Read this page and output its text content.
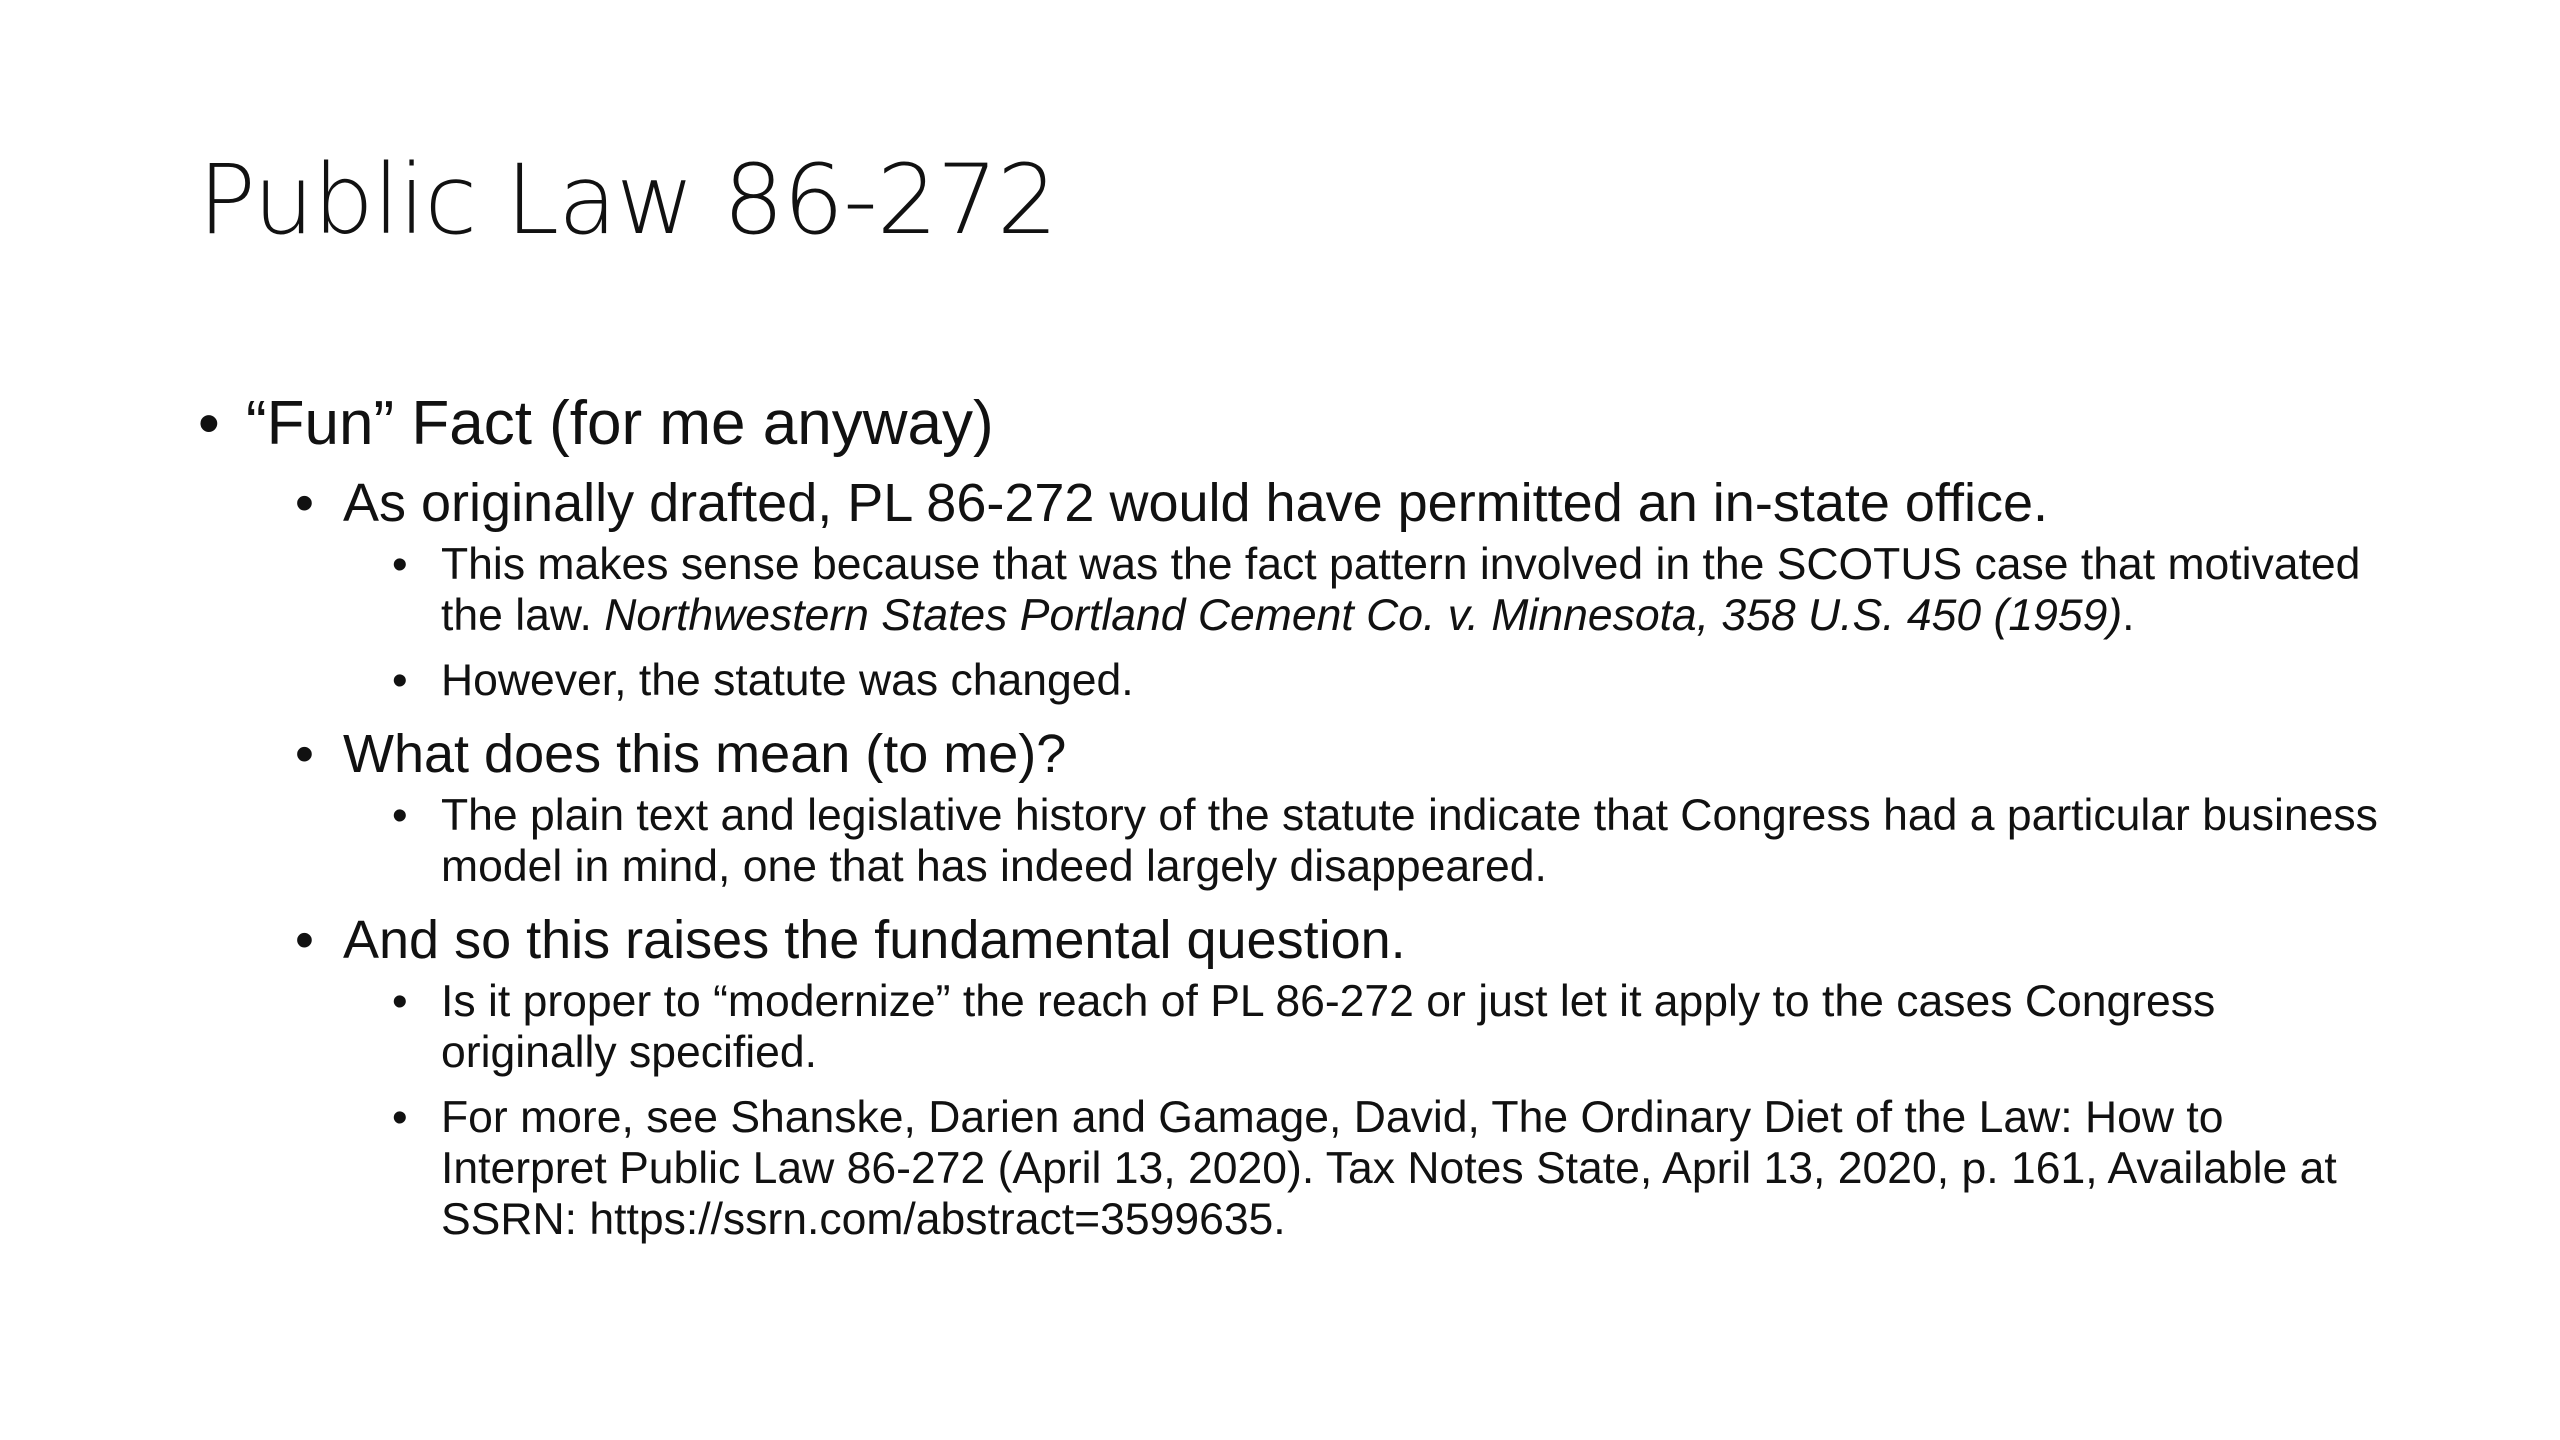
Public Law 86-272
• “Fun” Fact (for me anyway)
• As originally drafted, PL 86-272 would have permitted an in-state office.
• This makes sense because that was the fact pattern involved in the SCOTUS case that motivated the law. Northwestern States Portland Cement Co. v. Minnesota, 358 U.S. 450 (1959).
• However, the statute was changed.
• What does this mean (to me)?
• The plain text and legislative history of the statute indicate that Congress had a particular business model in mind, one that has indeed largely disappeared.
• And so this raises the fundamental question.
• Is it proper to “modernize” the reach of PL 86-272 or just let it apply to the cases Congress originally specified.
• For more, see Shanske, Darien and Gamage, David, The Ordinary Diet of the Law: How to Interpret Public Law 86-272 (April 13, 2020). Tax Notes State, April 13, 2020, p. 161, Available at SSRN: https://ssrn.com/abstract=3599635.
